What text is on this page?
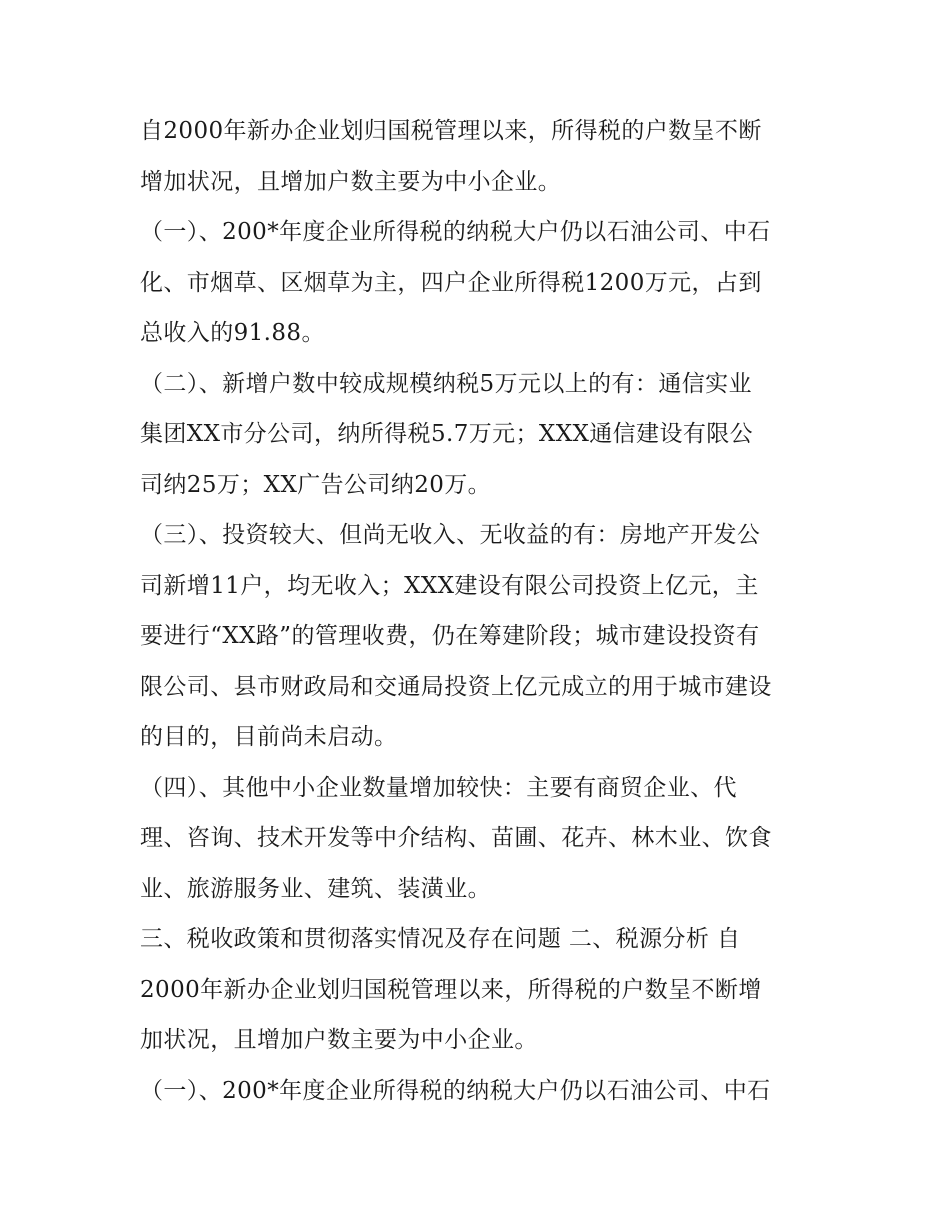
自2000年新办企业划归国税管理以来，所得税的户数呈不断
增加状况，且增加户数主要为中小企业。

（一）、200*年度企业所得税的纳税大户仍以石油公司、中石
化、市烟草、区烟草为主，四户企业所得税1200万元，占到
总收入的91.88。

（二）、新增户数中较成规模纳税5万元以上的有：通信实业
集团XX市分公司，纳所得税5.7万元；XXX通信建设有限公
司纳25万；XX广告公司纳20万。

（三）、投资较大、但尚无收入、无收益的有：房地产开发公
司新增11户，均无收入；XXX建设有限公司投资上亿元，主
要进行“XX路”的管理收费，仍在筹建阶段；城市建设投资有
限公司、县市财政局和交通局投资上亿元成立的用于城市建设
的目的，目前尚未启动。

（四）、其他中小企业数量增加较快：主要有商贸企业、代
理、咨询、技术开发等中介结构、苗圃、花卉、林木业、饮食
业、旅游服务业、建筑、装潢业。

三、税收政策和贯彻落实情况及存在问题 二、税源分析 自
2000年新办企业划归国税管理以来，所得税的户数呈不断增
加状况，且增加户数主要为中小企业。

（一）、200*年度企业所得税的纳税大户仍以石油公司、中石
